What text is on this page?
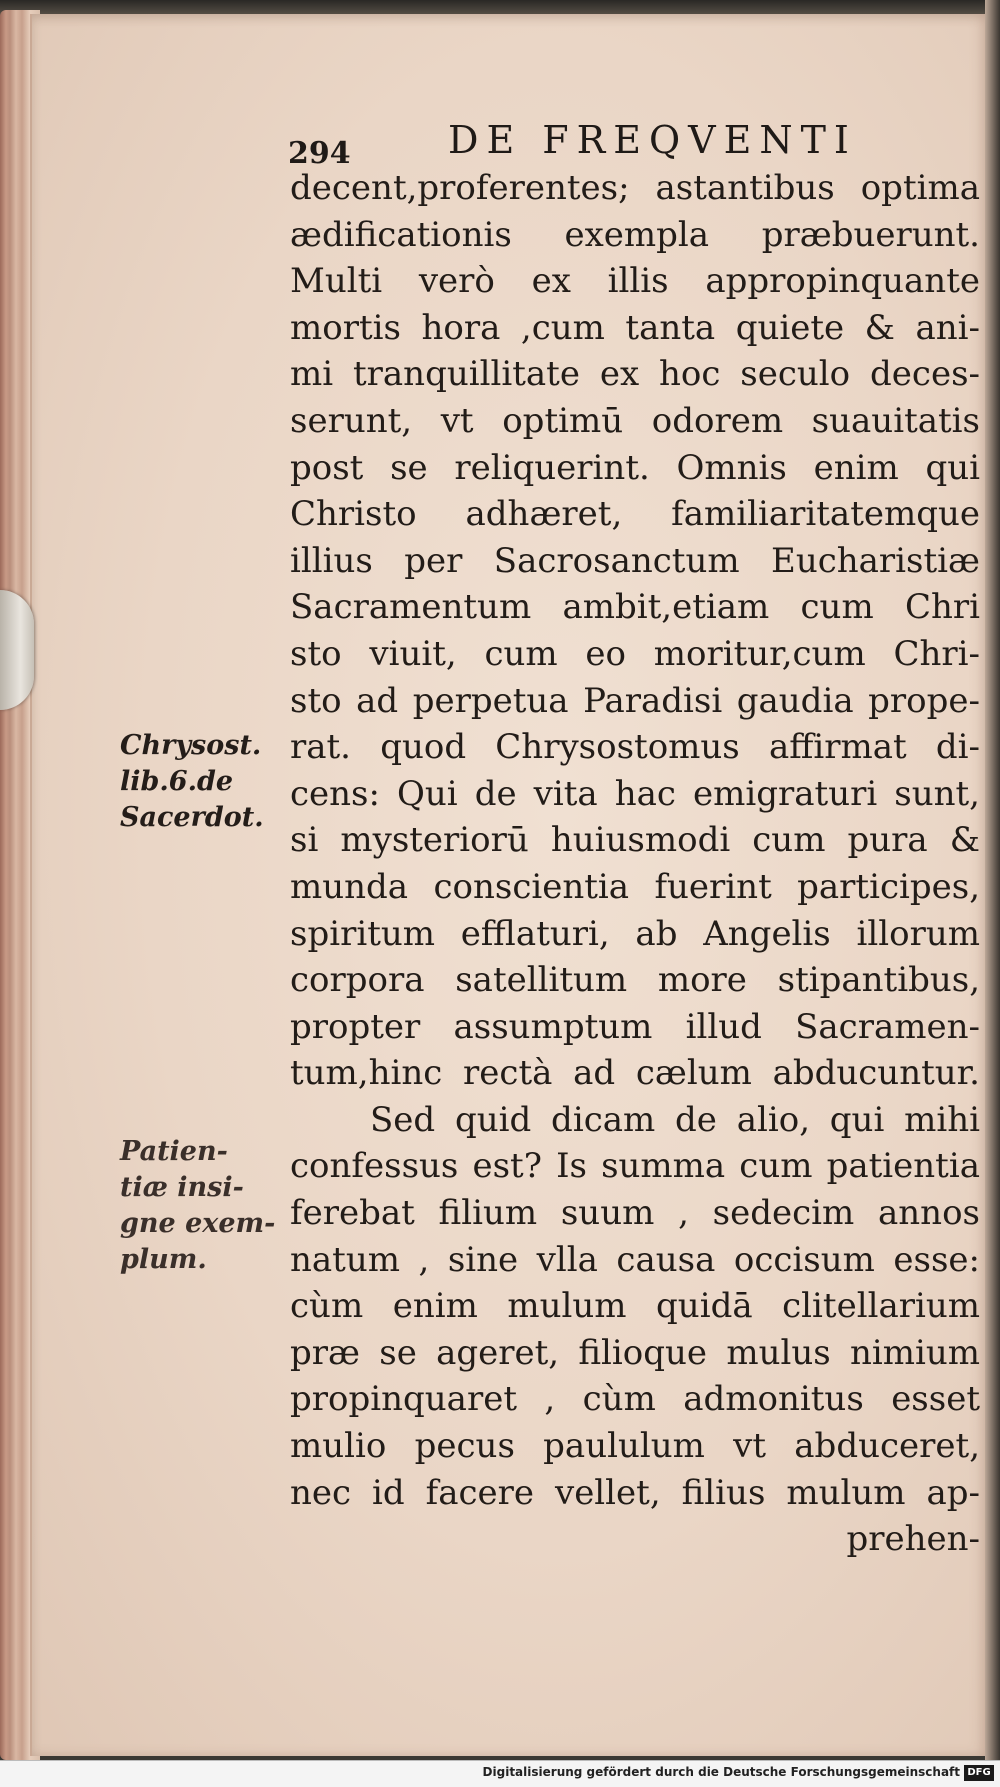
294	DE FREQVENTI
decent,proferentes; astantibus optima
ædificationis exempla præbuerunt.
Multi verò ex illis appropinquante
mortis hora ,cum tanta quiete & ani-
mi tranquillitate ex hoc seculo deces-
serunt, vt optimū odorem suauitatis
post se reliquerint. Omnis enim qui
Christo adhæret, familiaritatemque
illius per Sacrosanctum Eucharistiæ
Sacramentum ambit,etiam cum Chri
sto viuit, cum eo moritur,cum Chri-
sto ad perpetua Paradisi gaudia prope-
rat. quod Chrysostomus affirmat di-
cens: Qui de vita hac emigraturi sunt,
si mysteriorū huiusmodi cum pura &
munda conscientia fuerint participes,
spiritum efflaturi, ab Angelis illorum
corpora satellitum more stipantibus,
propter assumptum illud Sacramen-
tum,hinc rectà ad cælum abducuntur.
Sed quid dicam de alio, qui mihi
confessus est? Is summa cum patientia
ferebat filium suum , sedecim annos
natum , sine vlla causa occisum esse:
cùm enim mulum quidā clitellarium
præ se ageret, filioque mulus nimium
propinquaret , cùm admonitus esset
mulio pecus paululum vt abduceret,
nec id facere vellet, filius mulum ap-
prehen-
Chrysost.
lib.6.de
Sacerdot.
Patien-
tiæ insi-
gne exem-
plum.
Digitalisierung gefördert durch die Deutsche Forschungsgemeinschaft DFG
